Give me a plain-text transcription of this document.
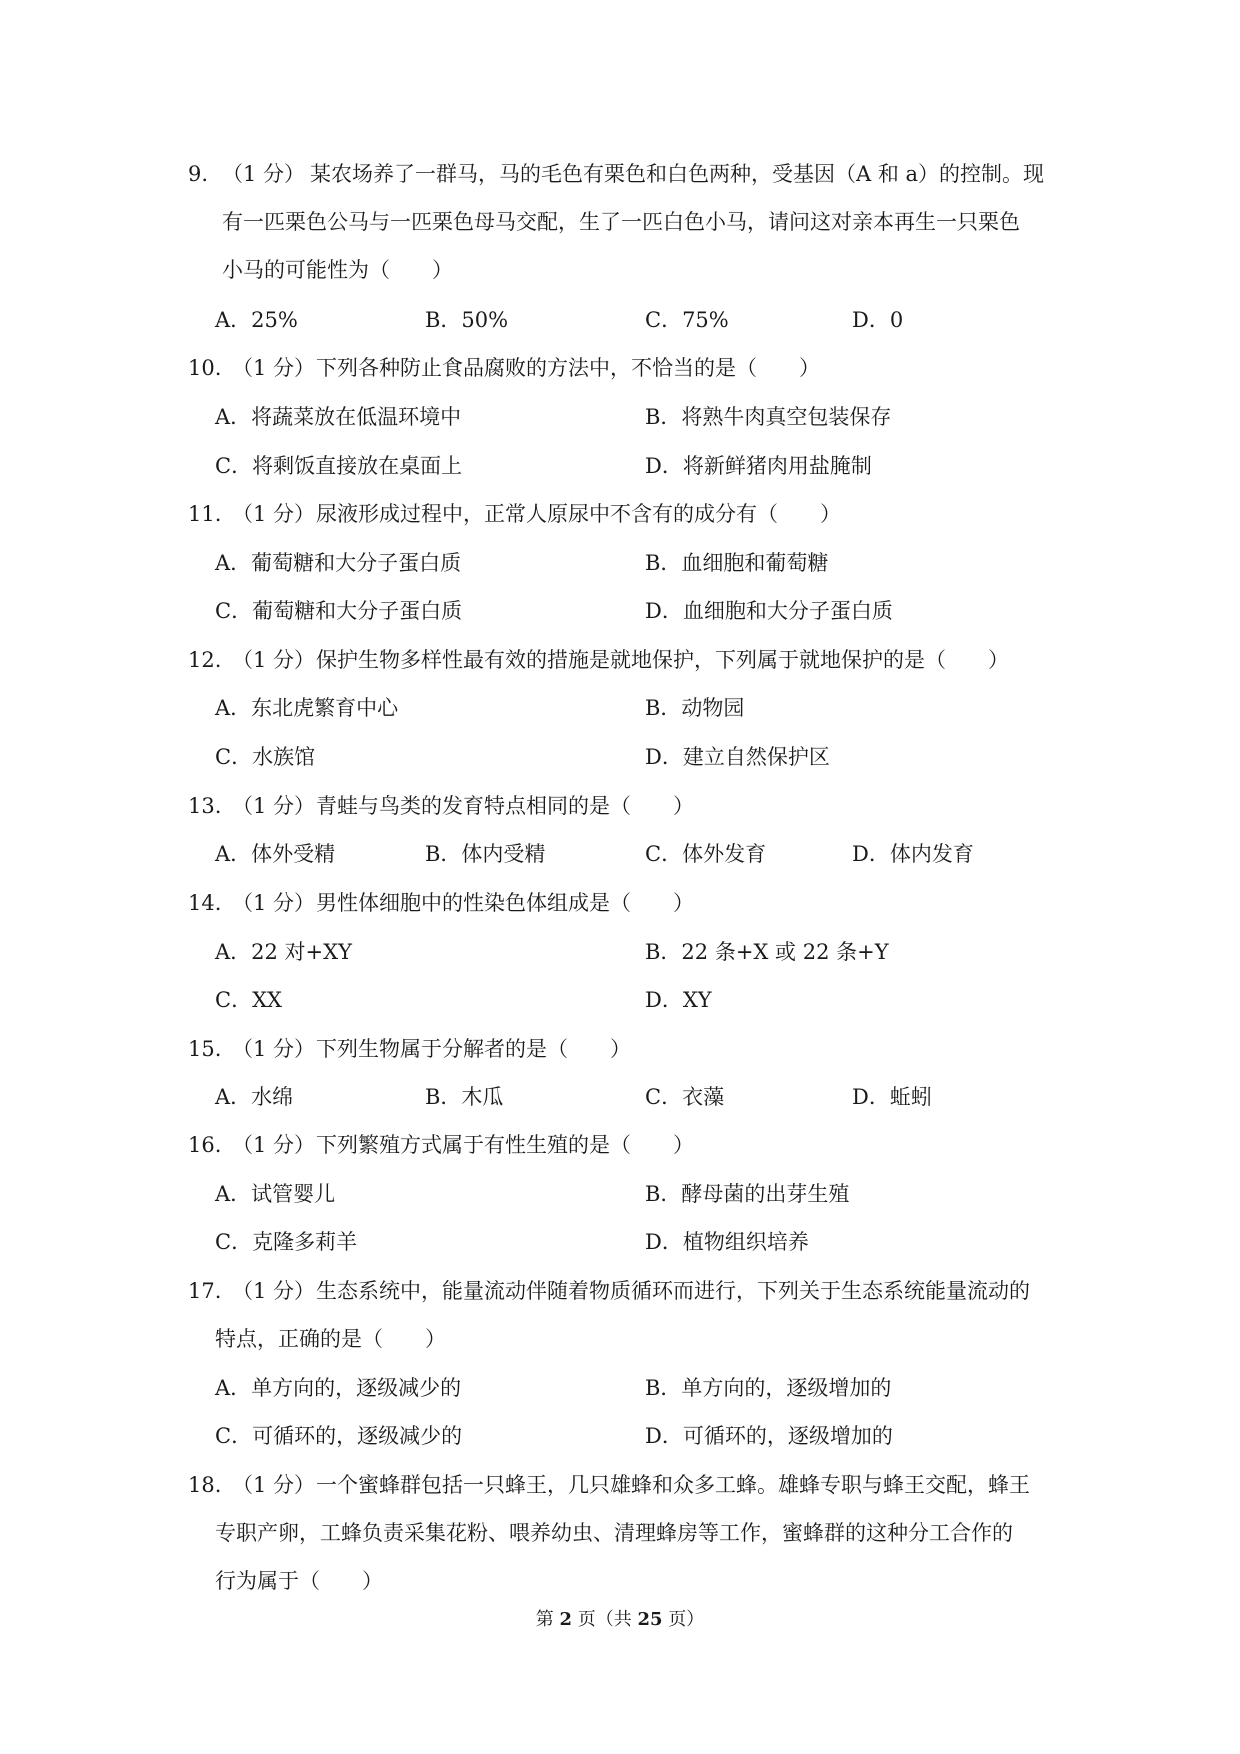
9. （1 分） 某农场养了一群马，马的毛色有栗色和白色两种，受基因（A 和 a）的控制。现
有一匹栗色公马与一匹栗色母马交配，生了一匹白色小马，请问这对亲本再生一只栗色
小马的可能性为（　　）
A．25%	B．50%	C．75%	D．0
10. （1 分） 下列各种防止食品腐败的方法中，不恰当的是（　　）
A．将蔬菜放在低温环境中	B．将熟牛肉真空包装保存
C．将剩饭直接放在桌面上	D．将新鲜猪肉用盐腌制
11. （1 分） 尿液形成过程中，正常人原尿中不含有的成分有（　　）
A．葡萄糖和大分子蛋白质	B．血细胞和葡萄糖
C．葡萄糖和大分子蛋白质	D．血细胞和大分子蛋白质
12. （1 分） 保护生物多样性最有效的措施是就地保护，下列属于就地保护的是（　　）
A．东北虎繁育中心	B．动物园
C．水族馆	D．建立自然保护区
13. （1 分） 青蛙与鸟类的发育特点相同的是（　　）
A．体外受精	B．体内受精	C．体外发育	D．体内发育
14. （1 分） 男性体细胞中的性染色体组成是（　　）
A．22 对+XY	B．22 条+X 或 22 条+Y
C．XX	D．XY
15. （1 分） 下列生物属于分解者的是（　　）
A．水绵	B．木瓜	C．衣藻	D．蚯蚓
16. （1 分） 下列繁殖方式属于有性生殖的是（　　）
A．试管婴儿	B．酵母菌的出芽生殖
C．克隆多莉羊	D．植物组织培养
17. （1 分） 生态系统中，能量流动伴随着物质循环而进行，下列关于生态系统能量流动的
特点，正确的是（　　）
A．单方向的，逐级减少的	B．单方向的，逐级增加的
C．可循环的，逐级减少的	D．可循环的，逐级增加的
18. （1 分） 一个蜜蜂群包括一只蜂王，几只雄蜂和众多工蜂。雄蜂专职与蜂王交配，蜂王
专职产卵，工蜂负责采集花粉、喂养幼虫、清理蜂房等工作，蜜蜂群的这种分工合作的
行为属于（　　）
第 2 页（共 25 页）
